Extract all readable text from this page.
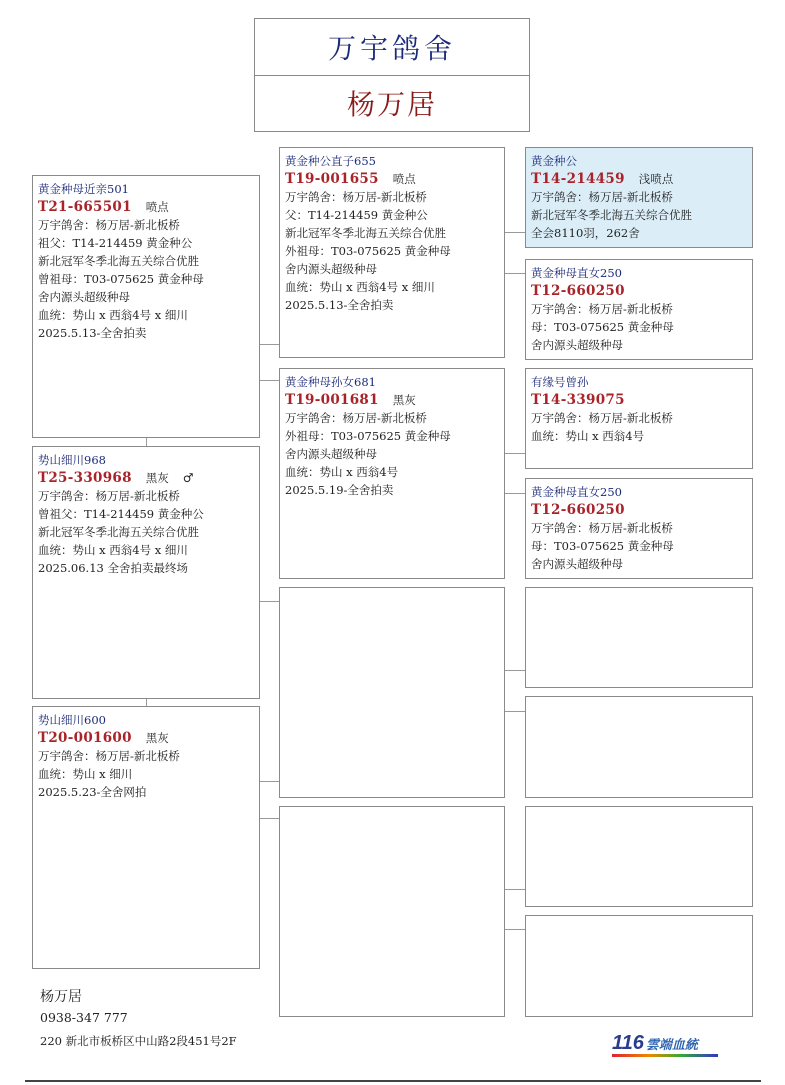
万宇鸽舍
杨万居
黄金种母近亲501
T21-665501 喷点
万宇鸽舍：杨万居-新北板桥
祖父：T14-214459 黄金种公
新北冠军冬季北海五关综合优胜
曾祖母：T03-075625 黄金种母
舍内源头超级种母
血统：势山 x 西翁4号 x 细川
2025.5.13-全舍拍卖
势山细川968
T25-330968 黑灰 ♂
万宇鸽舍：杨万居-新北板桥
曾祖父：T14-214459 黄金种公
新北冠军冬季北海五关综合优胜
血统：势山 x 西翁4号 x 细川
2025.06.13 全舍拍卖最终场
势山细川600
T20-001600 黑灰
万宇鸽舍：杨万居-新北板桥
血统：势山 x 细川
2025.5.23-全舍网拍
黄金种公直子655
T19-001655 喷点
万宇鸽舍：杨万居-新北板桥
父：T14-214459 黄金种公
新北冠军冬季北海五关综合优胜
外祖母：T03-075625 黄金种母
舍内源头超级种母
血统：势山 x 西翁4号 x 细川
2025.5.13-全舍拍卖
黄金种母孙女681
T19-001681 黑灰
万宇鸽舍：杨万居-新北板桥
外祖母：T03-075625 黄金种母
舍内源头超级种母
血统：势山 x 西翁4号
2025.5.19-全舍拍卖
黄金种公
T14-214459 浅喷点
万宇鸽舍：杨万居-新北板桥
新北冠军冬季北海五关综合优胜
全会8110羽，262舍
黄金种母直女250
T12-660250
万宇鸽舍：杨万居-新北板桥
母：T03-075625 黄金种母
舍内源头超级种母
有缘号曾孙
T14-339075
万宇鸽舍：杨万居-新北板桥
血统：势山 x 西翁4号
黄金种母直女250
T12-660250
万宇鸽舍：杨万居-新北板桥
母：T03-075625 黄金种母
舍内源头超级种母
杨万居
0938-347 777
220 新北市板桥区中山路2段451号2F	116 雲端血統
